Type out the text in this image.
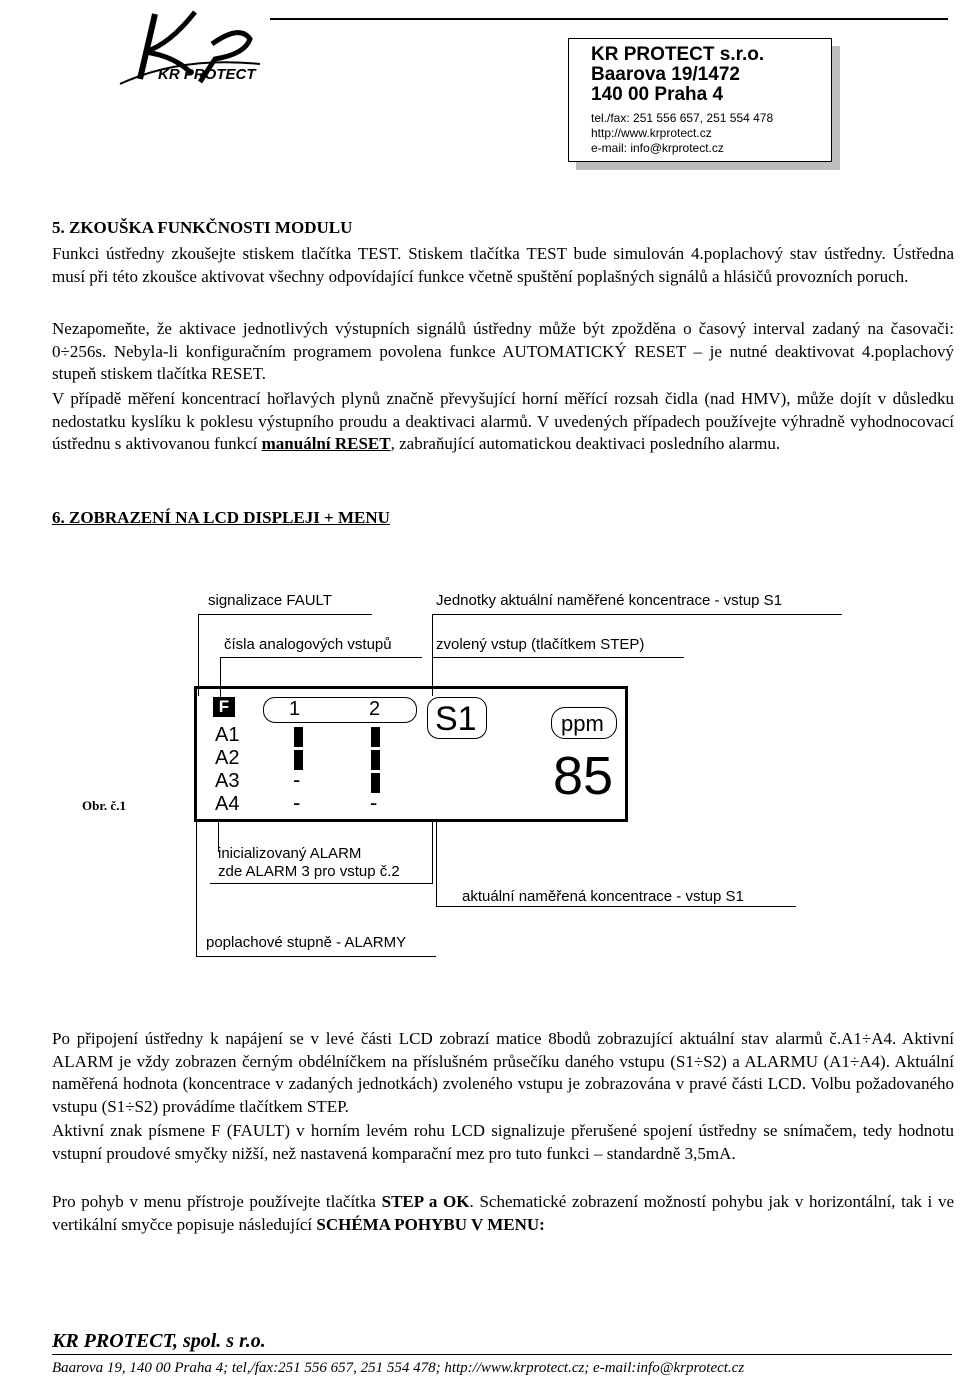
KR PROTECT
KR PROTECT s.r.o.
Baarova 19/1472
140 00 Praha 4
tel./fax: 251 556 657, 251 554 478
http://www.krprotect.cz
e-mail: info@krprotect.cz
5. ZKOUŠKA FUNKČNOSTI MODULU
Funkci ústředny zkoušejte stiskem tlačítka TEST. Stiskem tlačítka TEST bude simulován 4.poplachový stav ústředny. Ústředna musí při této zkoušce aktivovat všechny odpovídající funkce včetně spuštění poplašných signálů a hlásičů provozních poruch.
Nezapomeňte, že aktivace jednotlivých výstupních signálů ústředny může být zpožděna o časový interval zadaný na časovači: 0÷256s. Nebyla-li konfiguračním programem povolena funkce AUTOMATICKÝ RESET – je nutné deaktivovat 4.poplachový stupeň stiskem tlačítka RESET.
V případě měření koncentrací hořlavých plynů značně převyšující horní měřící rozsah čidla (nad HMV), může dojít v důsledku nedostatku kyslíku k poklesu výstupního proudu a deaktivaci alarmů. V uvedených případech používejte výhradně vyhodnocovací ústřednu s aktivovanou funkcí manuální RESET, zabraňující automatickou deaktivaci posledního alarmu.
6. ZOBRAZENÍ NA LCD DISPLEJI + MENU
signalizace FAULT	Jednotky aktuální naměřené koncentrace - vstup S1
čísla analogových vstupů	zvolený vstup (tlačítkem STEP)
F	1	2
A1
A2
A3
A4
-
-	-
S1	ppm
85
Obr. č.1
inicializovaný ALARM
zde ALARM 3 pro vstup č.2
aktuální naměřená koncentrace - vstup S1
poplachové stupně - ALARMY
Po připojení ústředny k napájení se v levé části LCD zobrazí matice 8bodů zobrazující aktuální stav alarmů č.A1÷A4. Aktivní ALARM je vždy zobrazen černým obdélníčkem na příslušném průsečíku daného vstupu (S1÷S2) a ALARMU (A1÷A4). Aktuální naměřená hodnota (koncentrace v zadaných jednotkách) zvoleného vstupu je zobrazována v pravé části LCD. Volbu požadovaného vstupu (S1÷S2) provádíme tlačítkem STEP.
Aktivní znak písmene F (FAULT) v horním levém rohu LCD signalizuje přerušené spojení ústředny se snímačem, tedy hodnotu vstupní proudové smyčky nižší, než nastavená komparační mez pro tuto funkci – standardně 3,5mA.
Pro pohyb v menu přístroje používejte tlačítka STEP a OK. Schematické zobrazení možností pohybu jak v horizontální, tak i ve vertikální smyčce popisuje následující SCHÉMA POHYBU V MENU:
KR PROTECT, spol. s r.o.
Baarova 19, 140 00 Praha 4; tel,/fax:251 556 657, 251 554 478; http://www.krprotect.cz; e-mail:info@krprotect.cz
